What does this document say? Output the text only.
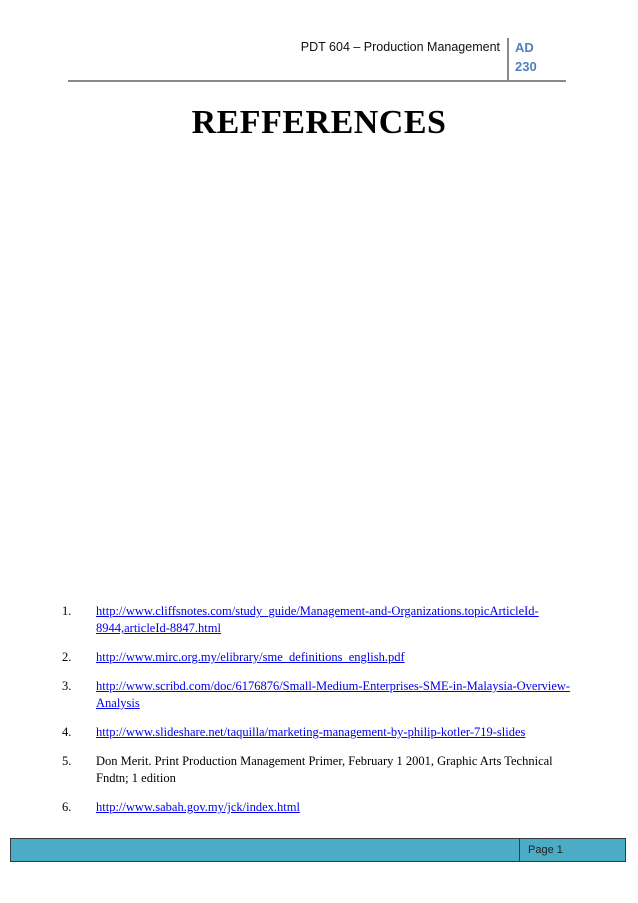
PDT 604 – Production Management AD
230
REFFERENCES
1.	http://www.cliffsnotes.com/study_guide/Management-and-Organizations.topicArticleId-8944,articleId-8847.html
2.	http://www.mirc.org.my/elibrary/sme_definitions_english.pdf
3.	http://www.scribd.com/doc/6176876/Small-Medium-Enterprises-SME-in-Malaysia-Overview-Analysis
4.	http://www.slideshare.net/taquilla/marketing-management-by-philip-kotler-719-slides
5.	Don Merit. Print Production Management Primer, February 1 2001, Graphic Arts Technical Fndtn; 1 edition
6.	http://www.sabah.gov.my/jck/index.html
Page 1
